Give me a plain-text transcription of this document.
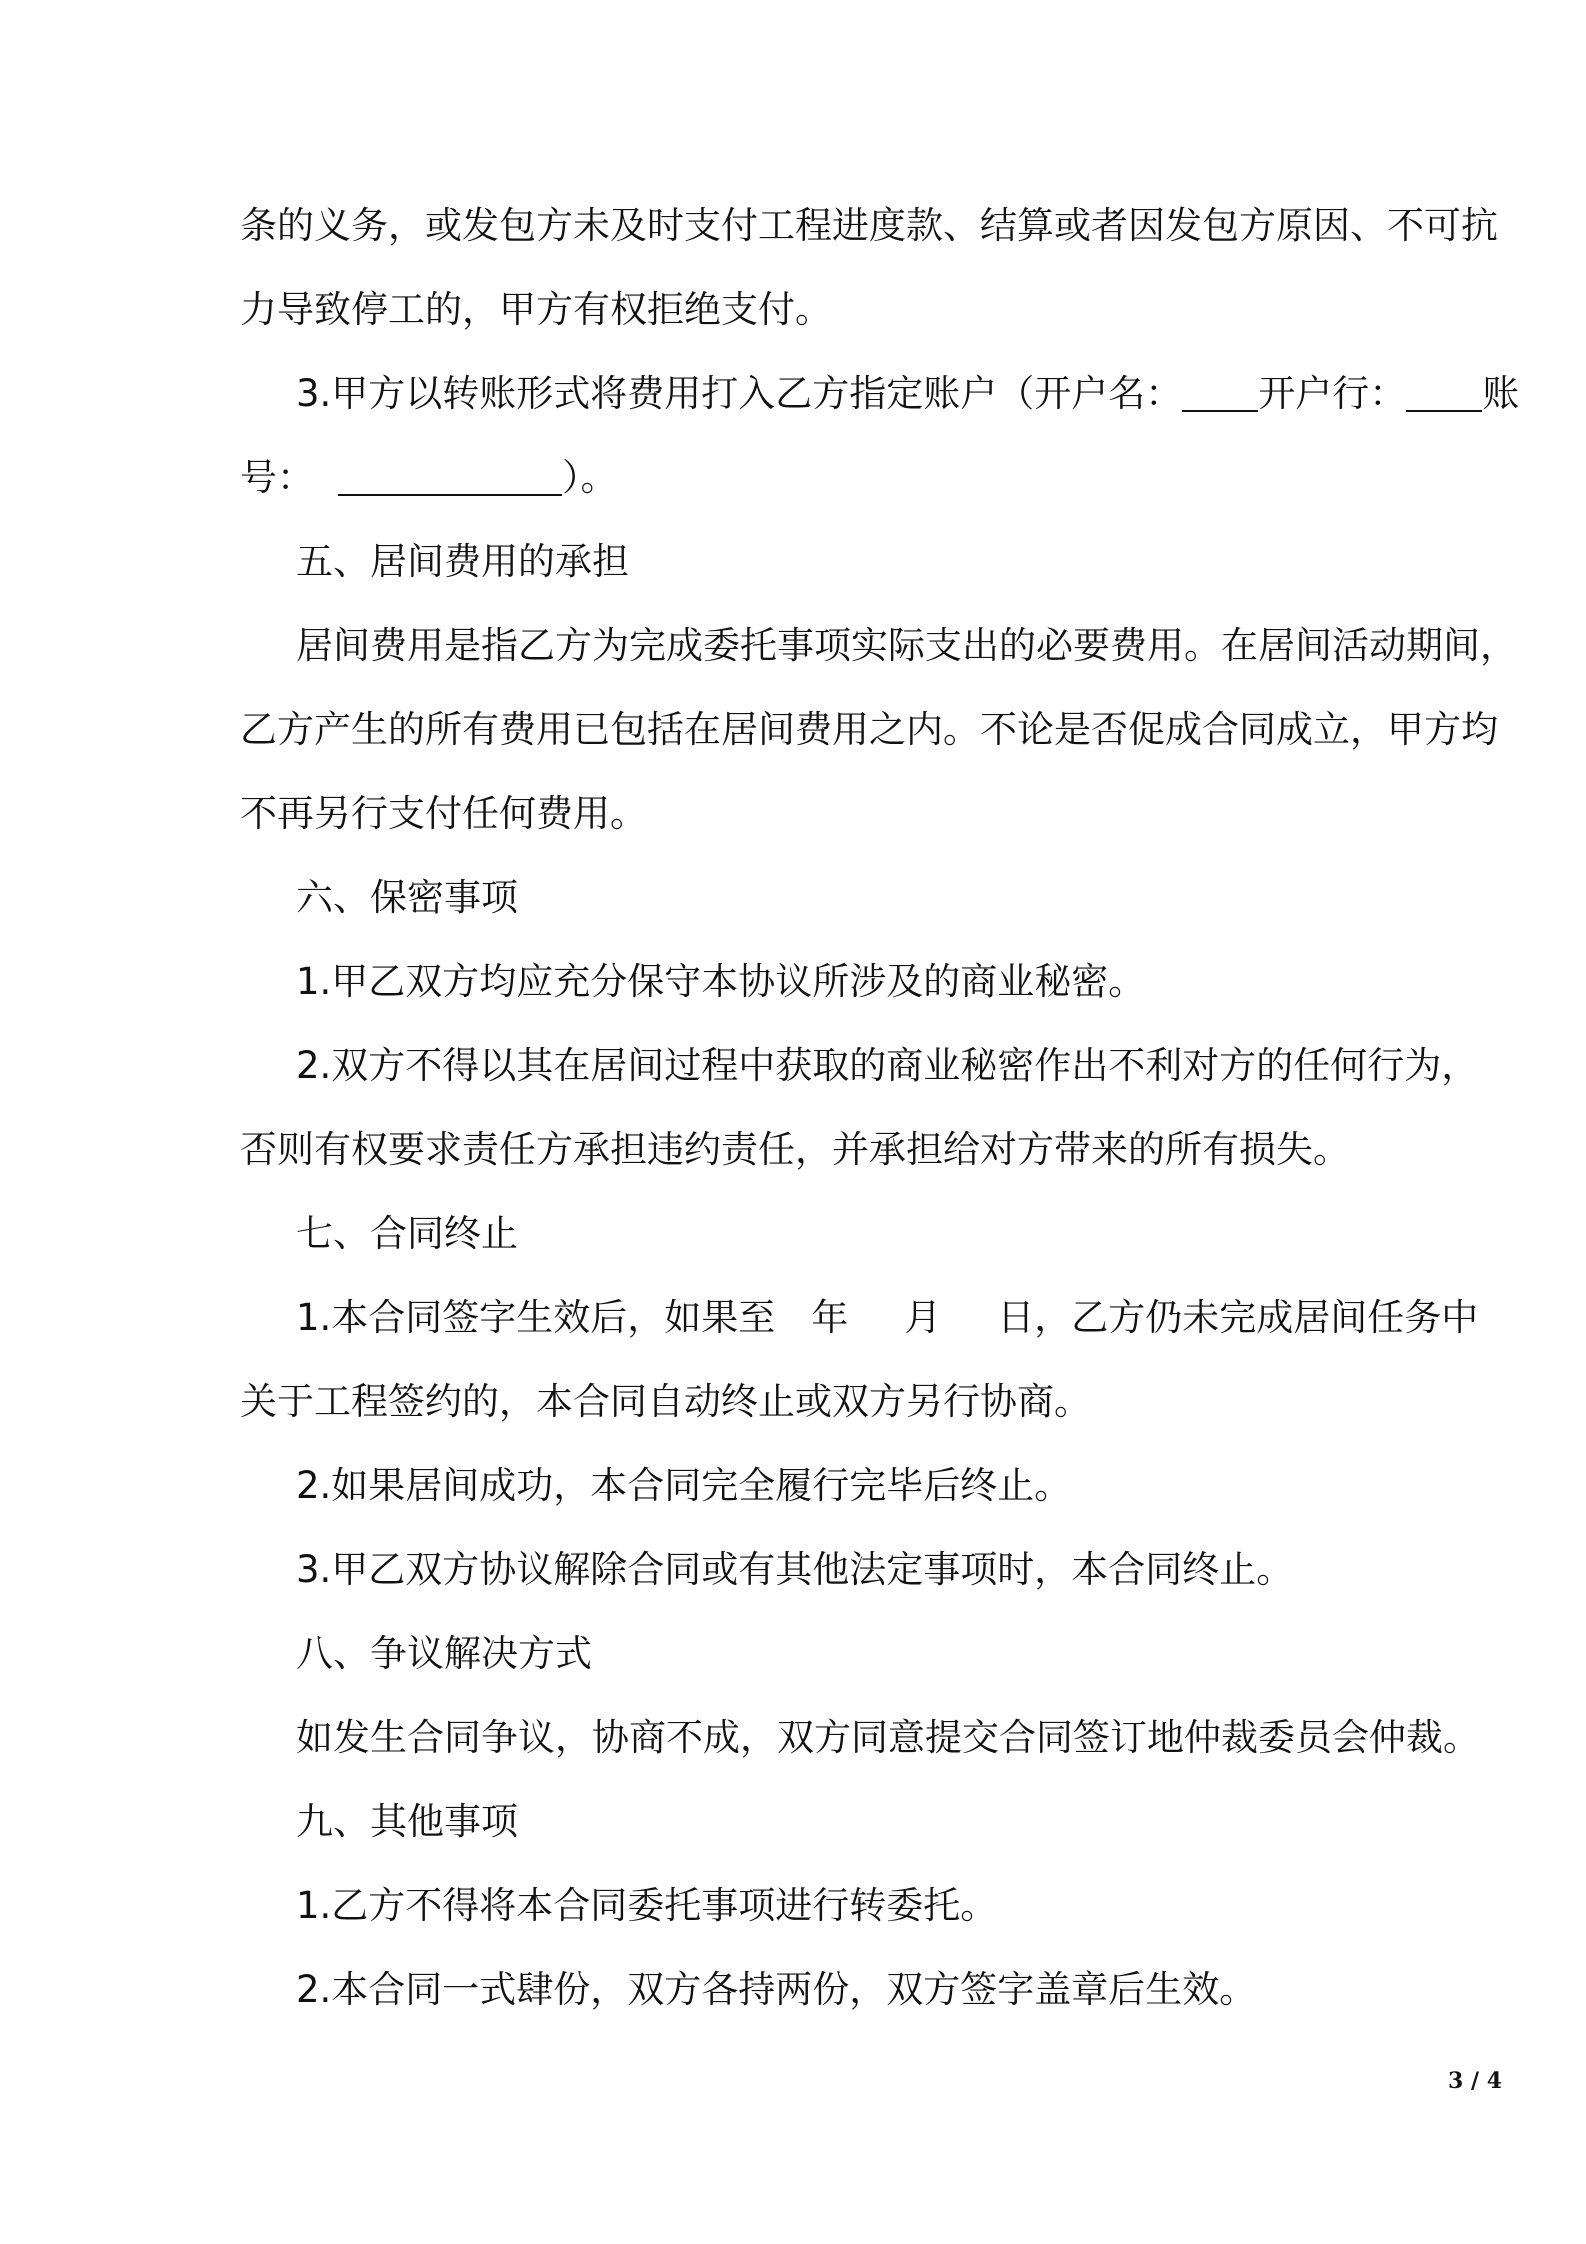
条的义务，或发包方未及时支付工程进度款、结算或者因发包方原因、不可抗
力导致停工的，甲方有权拒绝支付。
3.甲方以转账形式将费用打入乙方指定账户（开户名： 开户行： 账
号：	）。
五、居间费用的承担
居间费用是指乙方为完成委托事项实际支出的必要费用。在居间活动期间，
乙方产生的所有费用已包括在居间费用之内。不论是否促成合同成立，甲方均
不再另行支付任何费用。
六、保密事项
1.甲乙双方均应充分保守本协议所涉及的商业秘密。
2.双方不得以其在居间过程中获取的商业秘密作出不利对方的任何行为，
否则有权要求责任方承担违约责任，并承担给对方带来的所有损失。
七、合同终止
1.本合同签字生效后，如果至 年 月 日，乙方仍未完成居间任务中
关于工程签约的，本合同自动终止或双方另行协商。
2.如果居间成功，本合同完全履行完毕后终止。
3.甲乙双方协议解除合同或有其他法定事项时，本合同终止。
八、争议解决方式
如发生合同争议，协商不成，双方同意提交合同签订地仲裁委员会仲裁。
九、其他事项
1.乙方不得将本合同委托事项进行转委托。
2.本合同一式肆份，双方各持两份，双方签字盖章后生效。
3 / 4
